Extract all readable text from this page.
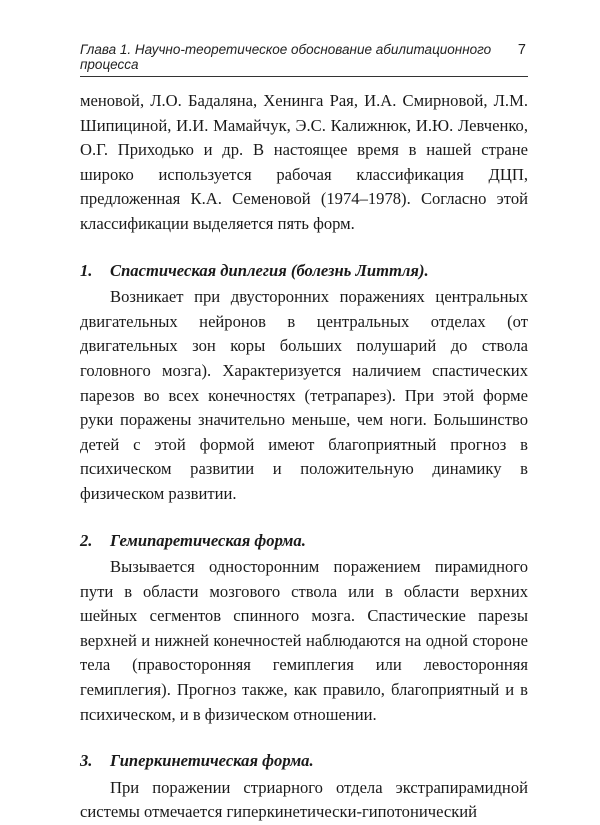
Глава 1. Научно-теоретическое обоснование абилитационного процесса
7

меновой, Л.О. Бадаляна, Хенинга Рая, И.А. Смирновой, Л.М. Шипициной, И.И. Мамайчук, Э.С. Калижнюк, И.Ю. Левченко, О.Г. Приходько и др. В настоящее время в нашей стране широко используется рабочая классификация ДЦП, предложенная К.А. Семеновой (1974–1978). Согласно этой классификации выделяется пять форм.

1.	Спастическая диплегия (болезнь Литтля).

Возникает при двусторонних поражениях центральных двигательных нейронов в центральных отделах (от двигательных зон коры больших полушарий до ствола головного мозга). Характеризуется наличием спастических парезов во всех конечностях (тетрапарез). При этой форме руки поражены значительно меньше, чем ноги. Большинство детей с этой формой имеют благоприятный прогноз в психическом развитии и положительную динамику в физическом развитии.

2.	Гемипаретическая форма.

Вызывается односторонним поражением пирамидного пути в области мозгового ствола или в области верхних шейных сегментов спинного мозга. Спастические парезы верхней и нижней конечностей наблюдаются на одной стороне тела (правосторонняя гемиплегия или левосторонняя гемиплегия). Прогноз также, как правило, благоприятный и в психическом, и в физическом отношении.

3.	Гиперкинетическая форма.

При поражении стриарного отдела экстрапирамидной системы отмечается гиперкинетически-гипотонический
